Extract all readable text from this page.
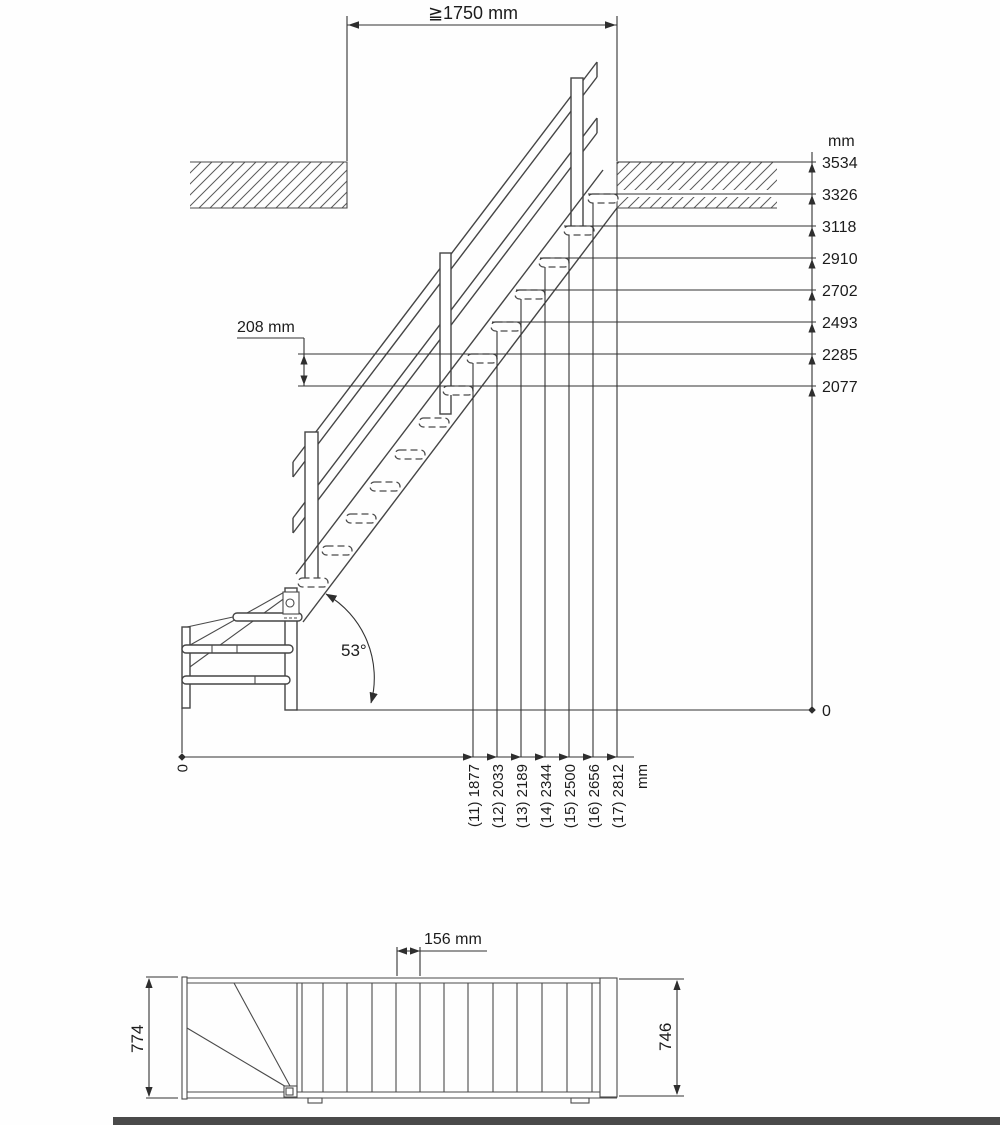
≧1750 mm
mm
3534
3326
3118
2910
2702
2493
2285
2077
0
0	(11) 1877 (12) 2033 (13) 2189 (14) 2344 (15) 2500 (16) 2656 (17) 2812 mm
208 mm
53°
156 mm
774	746
